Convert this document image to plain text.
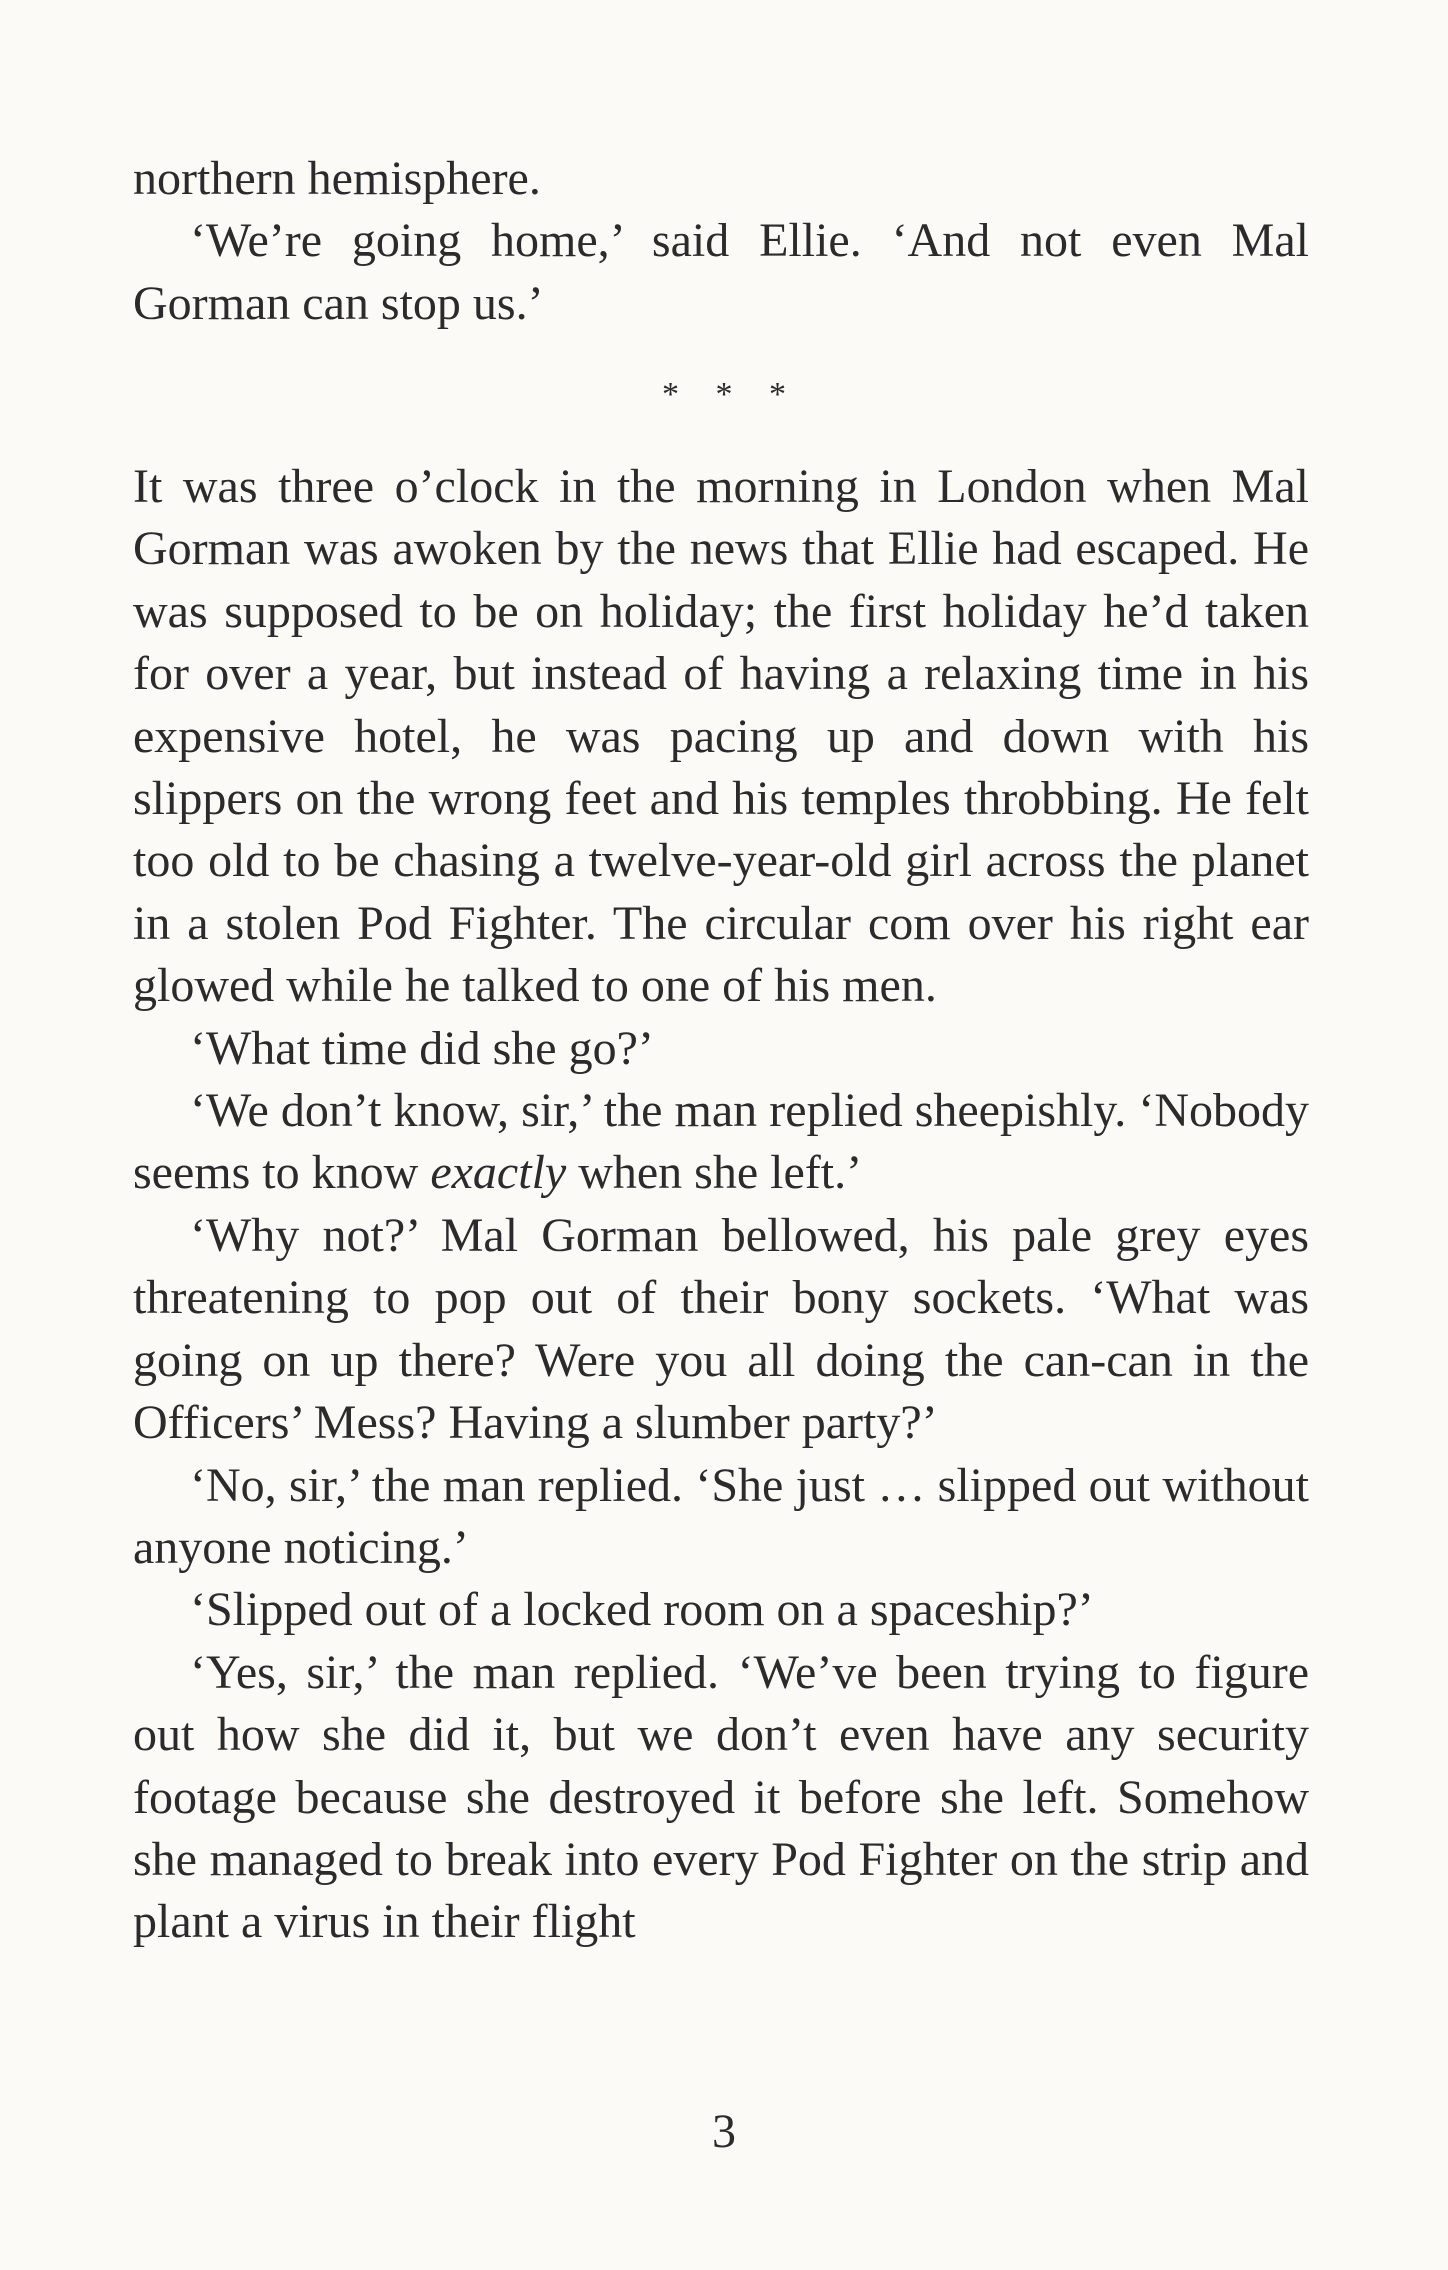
northern hemisphere.

‘We’re going home,’ said Ellie. ‘And not even Mal Gorman can stop us.’

* * *

It was three o’clock in the morning in London when Mal Gorman was awoken by the news that Ellie had escaped. He was supposed to be on holiday; the first holiday he’d taken for over a year, but instead of having a relaxing time in his expensive hotel, he was pacing up and down with his slippers on the wrong feet and his temples throbbing. He felt too old to be chasing a twelve-year-old girl across the planet in a stolen Pod Fighter. The circular com over his right ear glowed while he talked to one of his men.

‘What time did she go?’

‘We don’t know, sir,’ the man replied sheepishly. ‘Nobody seems to know exactly when she left.’

‘Why not?’ Mal Gorman bellowed, his pale grey eyes threatening to pop out of their bony sockets. ‘What was going on up there? Were you all doing the can-can in the Officers’ Mess? Having a slumber party?’

‘No, sir,’ the man replied. ‘She just … slipped out without anyone noticing.’

‘Slipped out of a locked room on a spaceship?’

‘Yes, sir,’ the man replied. ‘We’ve been trying to figure out how she did it, but we don’t even have any security footage because she destroyed it before she left. Somehow she managed to break into every Pod Fighter on the strip and plant a virus in their flight

3
